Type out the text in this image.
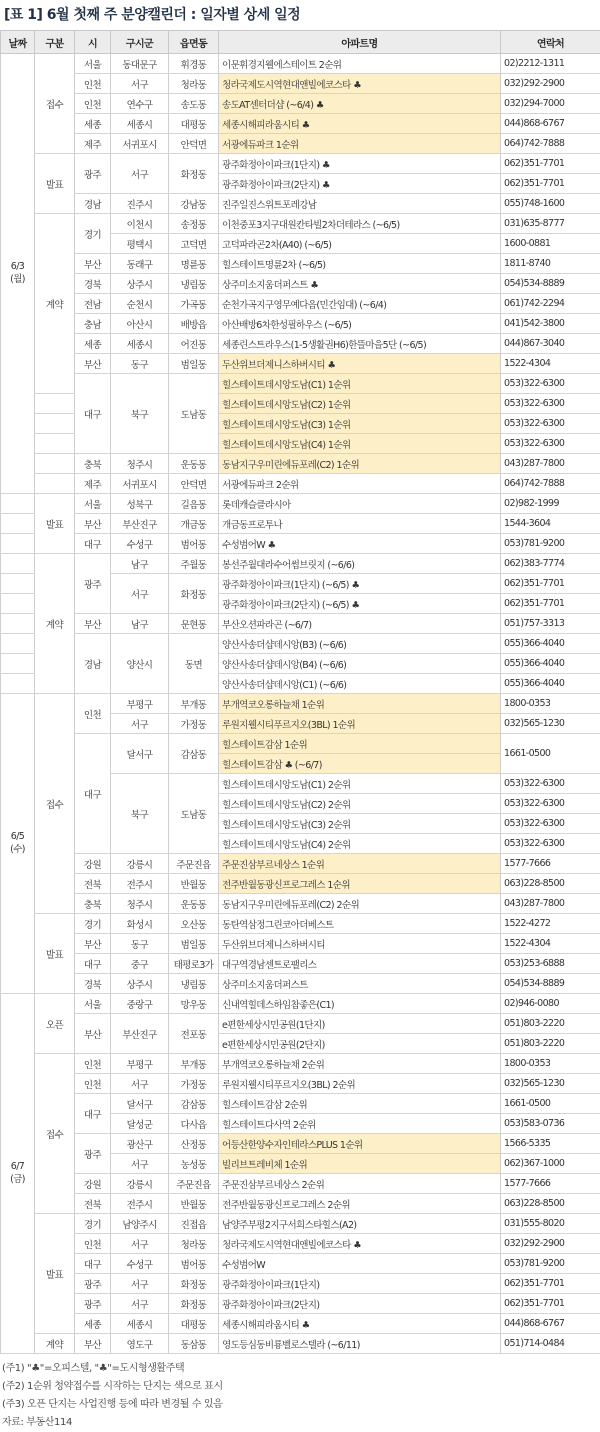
[표 1] 6월 첫째 주 분양캘린더 : 일자별 상세 일정
날짜	구분	시	구시군	읍면동	아파트명	연락처
6/3
(월)	접수	서울	동대문구	휘경동	이문휘경지웰에스테이트 2순위	02)2212-1311
		인천	서구	청라동	청라국제도시역현대앤빌에코스타 ♣	032)292-2900
		인천	연수구	송도동	송도AT센터더샵 (~6/4) ♣	032)294-7000
		세종	세종시	대평동	세종시해피라움시티 ♣	044)868-6767
		제주	서귀포시	안덕면	서광에듀파크 1순위	064)742-7888
	발표	광주	서구	화정동	광주화정아이파크(1단지) ♣	062)351-7701
					광주화정아이파크(2단지) ♣	062)351-7701
		경남	진주시	강남동	진주일진스위트포레강남	055)748-1600
	계약	경기	이천시	송정동	이천중포3지구대원칸타빌2차더테라스 (~6/5)	031)635-8777
			평택시	고덕면	고덕파라곤2차(A40) (~6/5)	1600-0881
		부산	동래구	명륜동	힐스테이트명륜2차 (~6/5)	1811-8740
		경북	상주시	냉림동	상주미소지움더퍼스트 ♣	054)534-8889
		전남	순천시	가곡동	순천가곡지구영무예다음(민간임대) (~6/4)	061)742-2294
		충남	아산시	배방읍	아산배방6차한성필하우스 (~6/5)	041)542-3800
		세종	세종시	어진동	세종린스트라우스(1-5생활권H6)한뜰마을5단 (~6/5)	044)867-3040
		부산	동구	범일동	두산위브더제니스하버시티 ♣	1522-4304
		대구	북구	도남동	힐스테이트데시앙도남(C1) 1순위	053)322-6300
					힐스테이트데시앙도남(C2) 1순위	053)322-6300
					힐스테이트데시앙도남(C3) 1순위	053)322-6300
					힐스테이트데시앙도남(C4) 1순위	053)322-6300
		충북	청주시	운동동	동남지구우미린에듀포레(C2) 1순위	043)287-7800
		제주	서귀포시	안덕면	서광에듀파크 2순위	064)742-7888
	발표	서울	성북구	길음동	롯데캐슬클라시아	02)982-1999
		부산	부산진구	개금동	개금동프로투나	1544-3604
		대구	수성구	범어동	수성범어W ♣	053)781-9200
	계약	광주	남구	주월동	봉선주월대라수어썸브릿지 (~6/6)	062)383-7774
			서구	화정동	광주화정아이파크(1단지) (~6/5) ♣	062)351-7701
					광주화정아이파크(2단지) (~6/5) ♣	062)351-7701
		부산	남구	문현동	부산오션파라곤 (~6/7)	051)757-3313
		경남	양산시	동면	양산사송더샵데시앙(B3) (~6/6)	055)366-4040
					양산사송더샵데시앙(B4) (~6/6)	055)366-4040
					양산사송더샵데시앙(C1) (~6/6)	055)366-4040
6/5
(수)	접수	인천	부평구	부개동	부개역코오롱하늘채 1순위	1800-0353
			서구	가정동	루원지웰시티푸르지오(3BL) 1순위	032)565-1230
		대구	달서구	감삼동	힐스테이트감삼 1순위	1661-0500
					힐스테이트감삼 ♣ (~6/7)	
			북구	도남동	힐스테이트데시앙도남(C1) 2순위	053)322-6300
					힐스테이트데시앙도남(C2) 2순위	053)322-6300
					힐스테이트데시앙도남(C3) 2순위	053)322-6300
					힐스테이트데시앙도남(C4) 2순위	053)322-6300
		강원	강릉시	주문진읍	주문진삼부르네상스 1순위	1577-7666
		전북	전주시	반월동	전주반월동광신프로그레스 1순위	063)228-8500
		충북	청주시	운동동	동남지구우미린에듀포레(C2) 2순위	043)287-7800
	발표	경기	화성시	오산동	동탄역삼정그린코아더베스트	1522-4272
		부산	동구	범일동	두산위브더제니스하버시티	1522-4304
		대구	중구	태평로3가	대구역경남센트로팰리스	053)253-6888
		경북	상주시	냉림동	상주미소지움더퍼스트	054)534-8889
6/7
(금)	오픈	서울	중랑구	망우동	신내역힐데스하임참좋은(C1)	02)946-0080
		부산	부산진구	전포동	e편한세상시민공원(1단지)	051)803-2220
					e편한세상시민공원(2단지)	051)803-2220
	접수	인천	부평구	부개동	부개역코오롱하늘채 2순위	1800-0353
		인천	서구	가정동	루원지웰시티푸르지오(3BL) 2순위	032)565-1230
		대구	달서구	감삼동	힐스테이트감삼 2순위	1661-0500
			달성군	다사읍	힐스테이트다사역 2순위	053)583-0736
		광주	광산구	산정동	어등산한양수자인테라스PLUS 1순위	1566-5335
			서구	농성동	빌리브트레비체 1순위	062)367-1000
		강원	강릉시	주문진읍	주문진삼부르네상스 2순위	1577-7666
		전북	전주시	반월동	전주반월동광신프로그레스 2순위	063)228-8500
	발표	경기	남양주시	진접읍	남양주부평2지구서희스타힐스(A2)	031)555-8020
		인천	서구	청라동	청라국제도시역현대앤빌에코스타 ♣	032)292-2900
		대구	수성구	범어동	수성범어W	053)781-9200
		광주	서구	화정동	광주화정아이파크(1단지)	062)351-7701
		광주	서구	화정동	광주화정아이파크(2단지)	062)351-7701
		세종	세종시	대평동	세종시해피라움시티 ♣	044)868-6767
	계약	부산	영도구	동삼동	영도등심동비룡벨로스텔라 (~6/11)	051)714-0484
(주1) "♣"=오피스텔, "♣"=도시형생활주택
(주2) 1순위 청약접수를 시작하는 단지는 색으로 표시
(주3) 오픈 단지는 사업진행 등에 따라 변경될 수 있음
자료: 부동산114
